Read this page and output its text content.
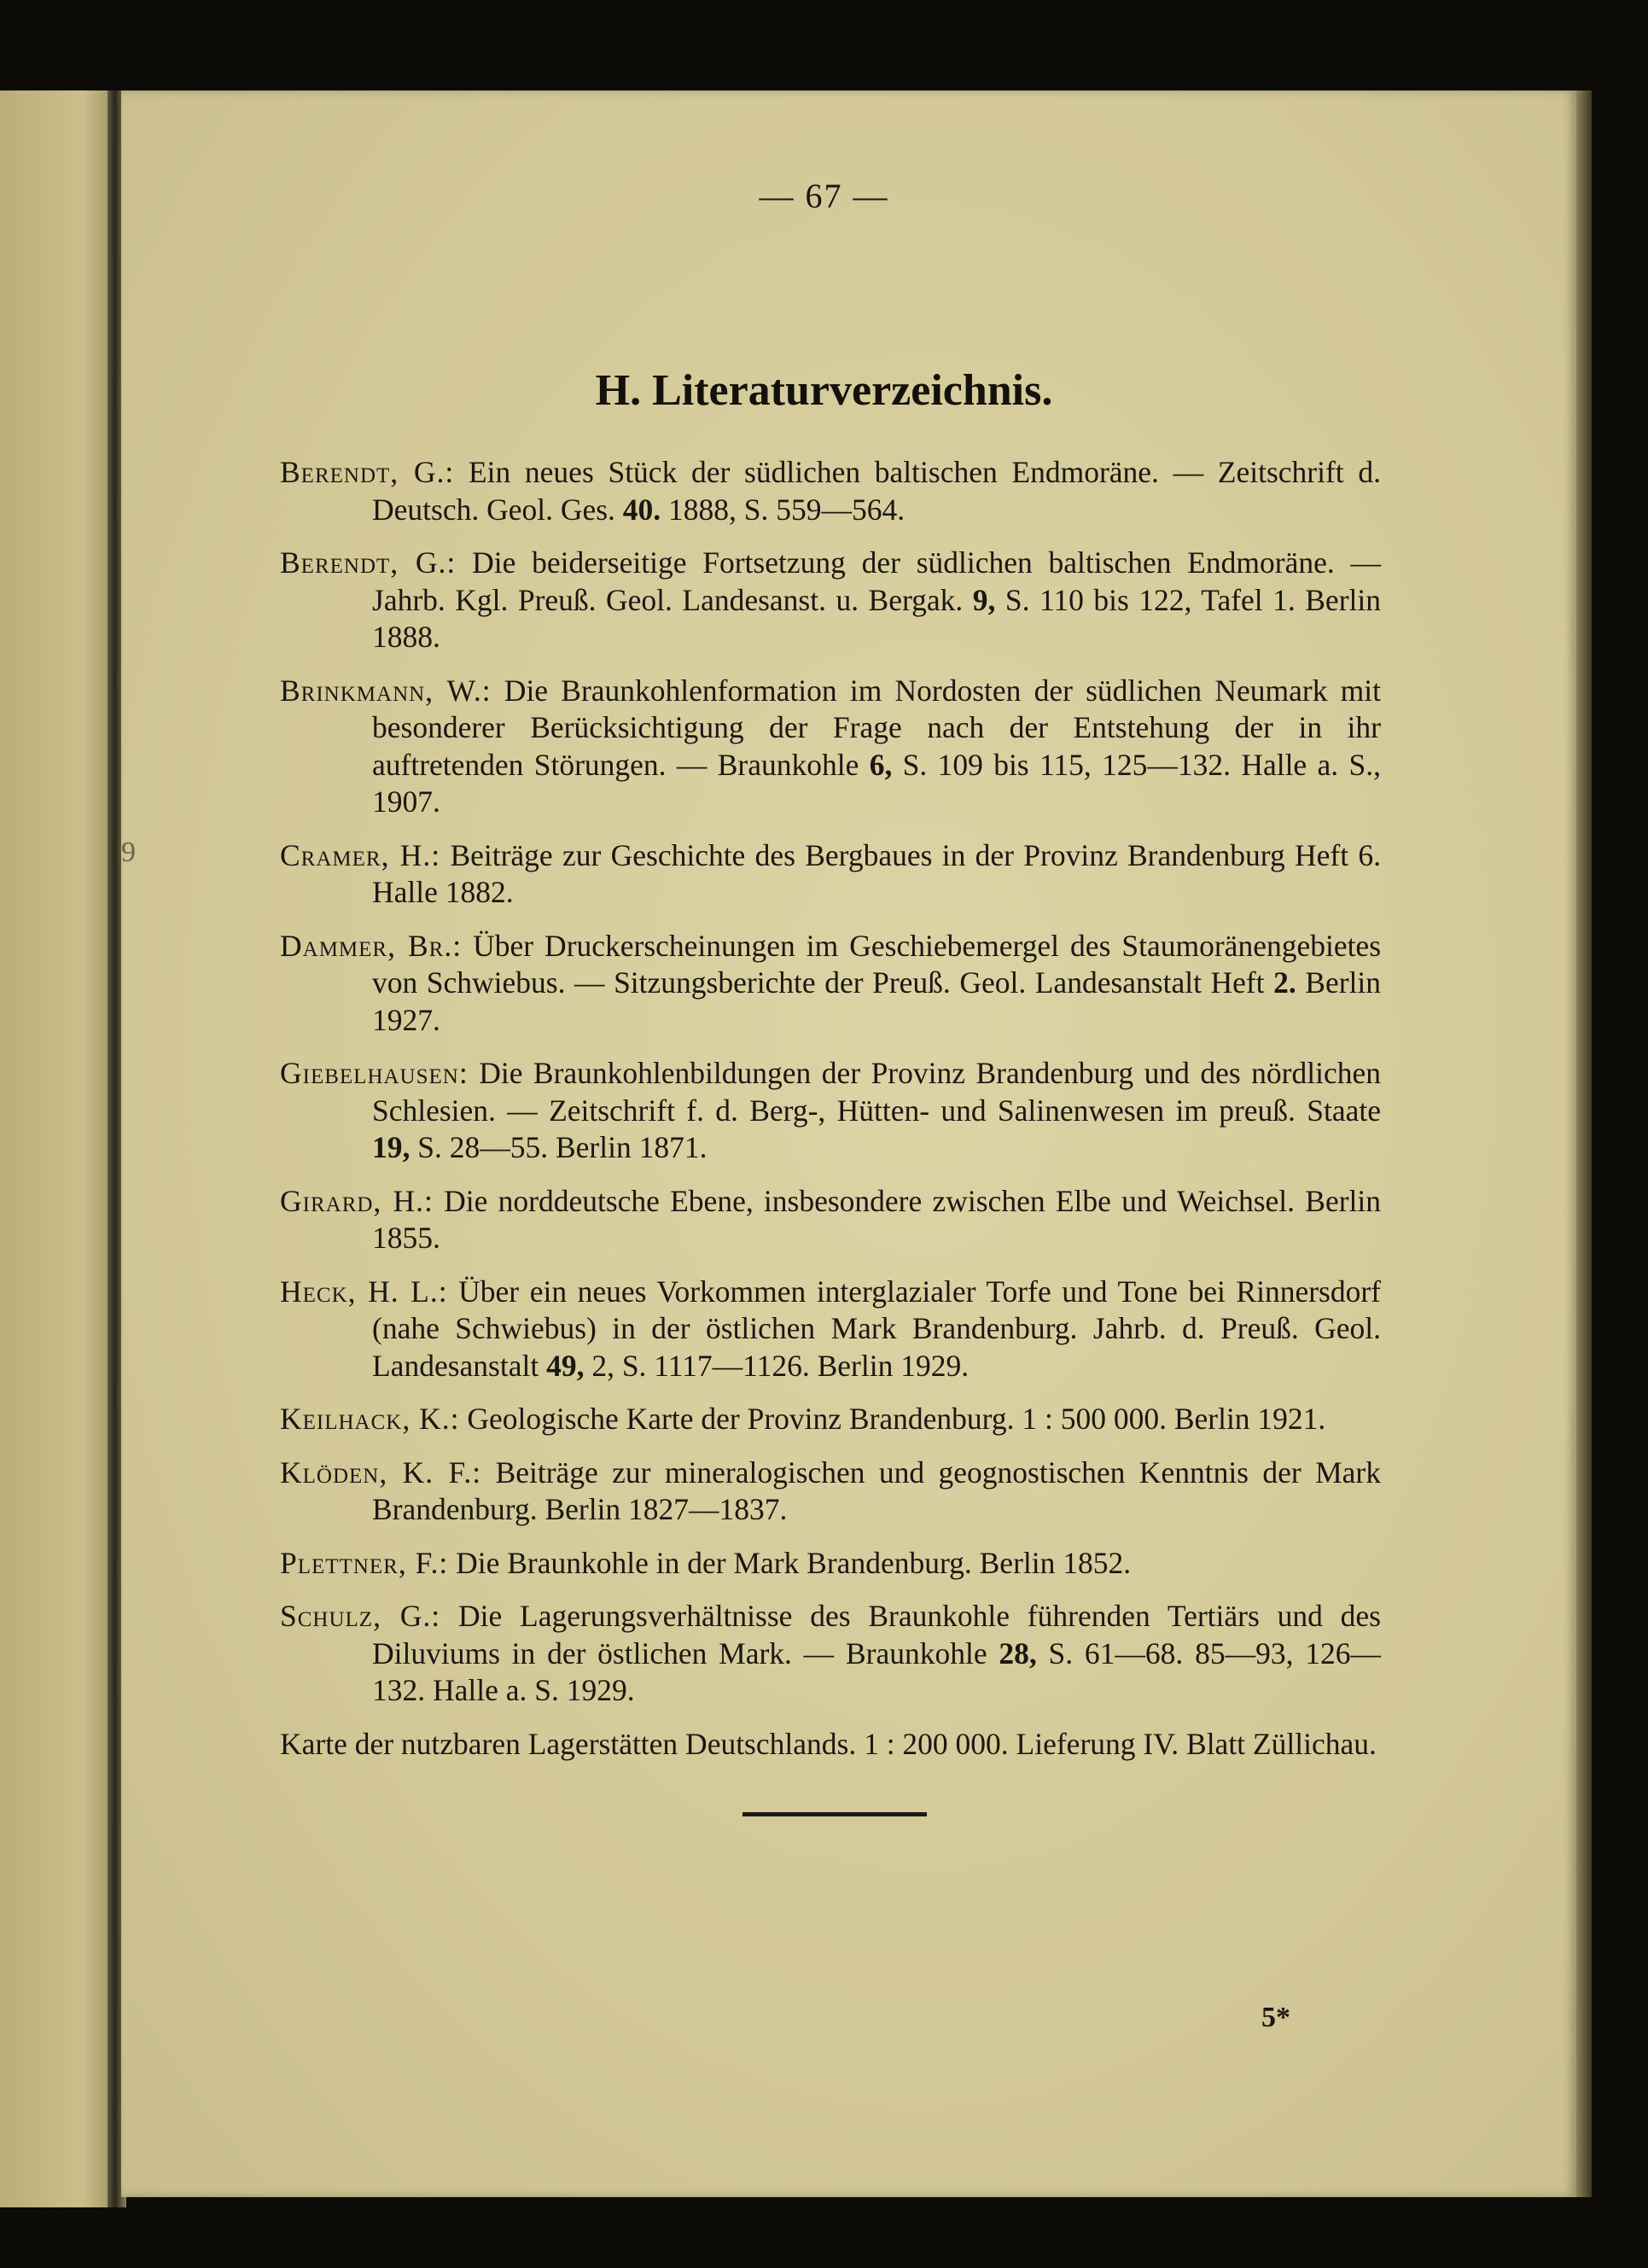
9
— 67 —
H. Literaturverzeichnis.

Berendt, G.: Ein neues Stück der südlichen baltischen Endmoräne. — Zeitschrift d. Deutsch. Geol. Ges. 40. 1888, S. 559—564.

Berendt, G.: Die beiderseitige Fortsetzung der südlichen baltischen Endmoräne. — Jahrb. Kgl. Preuß. Geol. Landesanst. u. Bergak. 9, S. 110 bis 122, Tafel 1. Berlin 1888.

Brinkmann, W.: Die Braunkohlenformation im Nordosten der südlichen Neumark mit besonderer Berücksichtigung der Frage nach der Entstehung der in ihr auftretenden Störungen. — Braunkohle 6, S. 109 bis 115, 125—132. Halle a. S., 1907.

Cramer, H.: Beiträge zur Geschichte des Bergbaues in der Provinz Brandenburg Heft 6. Halle 1882.

Dammer, Br.: Über Druckerscheinungen im Geschiebemergel des Staumoränengebietes von Schwiebus. — Sitzungsberichte der Preuß. Geol. Landesanstalt Heft 2. Berlin 1927.

Giebelhausen: Die Braunkohlenbildungen der Provinz Brandenburg und des nördlichen Schlesien. — Zeitschrift f. d. Berg-, Hütten- und Salinenwesen im preuß. Staate 19, S. 28—55. Berlin 1871.

Girard, H.: Die norddeutsche Ebene, insbesondere zwischen Elbe und Weichsel. Berlin 1855.

Heck, H. L.: Über ein neues Vorkommen interglazialer Torfe und Tone bei Rinnersdorf (nahe Schwiebus) in der östlichen Mark Brandenburg. Jahrb. d. Preuß. Geol. Landesanstalt 49, 2, S. 1117—1126. Berlin 1929.

Keilhack, K.: Geologische Karte der Provinz Brandenburg. 1 : 500 000. Berlin 1921.

Klöden, K. F.: Beiträge zur mineralogischen und geognostischen Kenntnis der Mark Brandenburg. Berlin 1827—1837.

Plettner, F.: Die Braunkohle in der Mark Brandenburg. Berlin 1852.

Schulz, G.: Die Lagerungsverhältnisse des Braunkohle führenden Tertiärs und des Diluviums in der östlichen Mark. — Braunkohle 28, S. 61—68. 85—93, 126—132. Halle a. S. 1929.

Karte der nutzbaren Lagerstätten Deutschlands. 1 : 200 000. Lieferung IV. Blatt Züllichau.

5*
